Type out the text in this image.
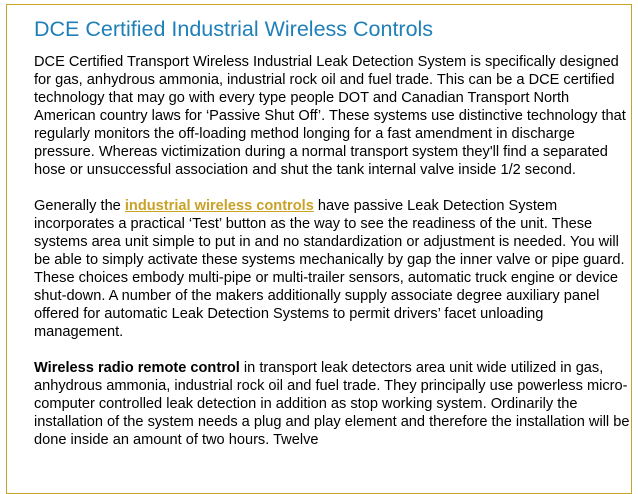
DCE Certified Industrial Wireless Controls

DCE Certified Transport Wireless Industrial Leak Detection System is specifically designed for gas, anhydrous ammonia, industrial rock oil and fuel trade. This can be a DCE certified technology that may go with every type people DOT and Canadian Transport North American country laws for ‘Passive Shut Off’. These systems use distinctive technology that regularly monitors the off-loading method longing for a fast amendment in discharge pressure. Whereas victimization during a normal transport system they'll find a separated hose or unsuccessful association and shut the tank internal valve inside 1/2 second.

Generally the industrial wireless controls have passive Leak Detection System incorporates a practical ‘Test’ button as the way to see the readiness of the unit. These systems area unit simple to put in and no standardization or adjustment is needed. You will be able to simply activate these systems mechanically by gap the inner valve or pipe guard. These choices embody multi-pipe or multi-trailer sensors, automatic truck engine or device shut-down. A number of the makers additionally supply associate degree auxiliary panel offered for automatic Leak Detection Systems to permit drivers’ facet unloading management.

Wireless radio remote control in transport leak detectors area unit wide utilized in gas, anhydrous ammonia, industrial rock oil and fuel trade. They principally use powerless micro-computer controlled leak detection in addition as stop working system. Ordinarily the installation of the system needs a plug and play element and therefore the installation will be done inside an amount of two hours. Twelve
